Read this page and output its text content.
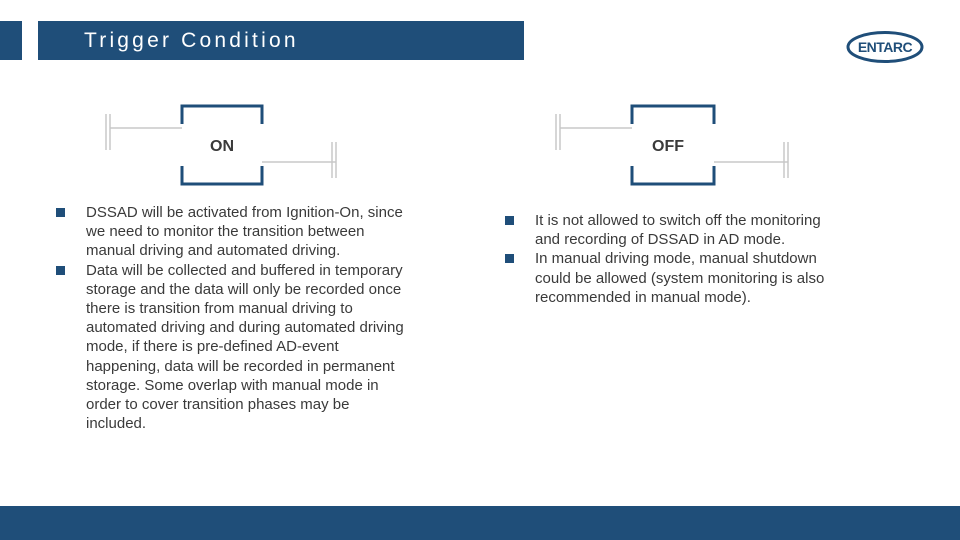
Trigger Condition	ENTARC
ON	OFF
DSSAD will be activated from Ignition-On, since we need to monitor the transition between manual driving and automated driving.
Data will be collected and buffered in temporary storage and the data will only be recorded once there is transition from manual driving to automated driving and during automated driving mode, if there is pre-defined AD-event happening, data will be recorded in permanent storage. Some overlap with manual mode in order to cover transition phases may be included.
It is not allowed to switch off the monitoring and recording of DSSAD in AD mode.
In manual driving mode, manual shutdown could be allowed (system monitoring is also recommended in manual mode).
